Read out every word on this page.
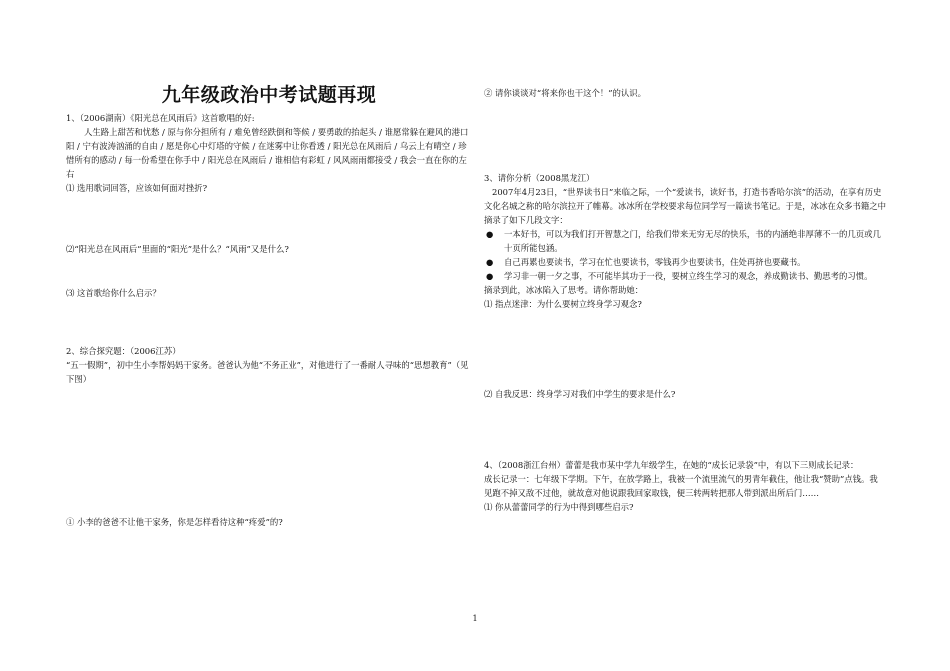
九年级政治中考试题再现

1、（2006湖南）《阳光总在风雨后》这首歌唱的好:

人生路上甜苦和忧愁 / 原与你分担所有 / 难免曾经跌倒和等候 / 要勇敢的抬起头 / 谁愿常躲在避风的港口阳 / 宁有波涛汹涌的自由 / 愿是你心中灯塔的守候 / 在迷雾中让你看透 / 阳光总在风雨后 / 乌云上有晴空 / 珍惜所有的感动 / 每一份希望在你手中 / 阳光总在风雨后 / 谁相信有彩虹 / 风风雨雨都接受 / 我会一直在你的左右

⑴ 选用歌词回答，应该如何面对挫折?

⑵“阳光总在风雨后”里面的“阳光”是什么？“风雨”又是什么?

⑶ 这首歌给你什么启示？

2、综合探究题：（2006江苏）

“五一假期”，初中生小李帮妈妈干家务。爸爸认为他“不务正业”，对他进行了一番耐人寻味的“思想教育”（见下图）

① 小李的爸爸不让他干家务，你是怎样看待这种“疼爱”的?

② 请你谈谈对“将来你也干这个！”的认识。

3、请你分析（2008黑龙江）

2007年4月23日，“世界读书日”来临之际，一个“爱读书，读好书，打造书香哈尔滨”的活动，在享有历史文化名城之称的哈尔滨拉开了帷幕。冰冰所在学校要求每位同学写一篇读书笔记。于是，冰冰在众多书籍之中摘录了如下几段文字：

● 一本好书，可以为我们打开智慧之门，给我们带来无穷无尽的快乐，书的内涵绝非厚薄不一的几页或几十页所能包涵。
● 自己再累也要读书，学习在忙也要读书，零钱再少也要读书，住处再挤也要藏书。
● 学习非一朝一夕之事，不可能毕其功于一役，要树立终生学习的观念，养成勤读书、勤思考的习惯。

摘录到此，冰冰陷入了思考。请你帮助她：

⑴ 指点迷津：为什么要树立终身学习观念?

⑵ 自我反思：终身学习对我们中学生的要求是什么?

4、（2008浙江台州）蕾蕾是我市某中学九年级学生，在她的“成长记录袋”中，有以下三则成长记录：

成长记录一：七年级下学期。下午，在放学路上，我被一个流里流气的男青年截住，他让我“赞助”点钱。我见跑不掉又敌不过他，就故意对他说跟我回家取钱，便三转两转把那人带到派出所后门……

⑴ 你从蕾蕾同学的行为中得到哪些启示?

1
